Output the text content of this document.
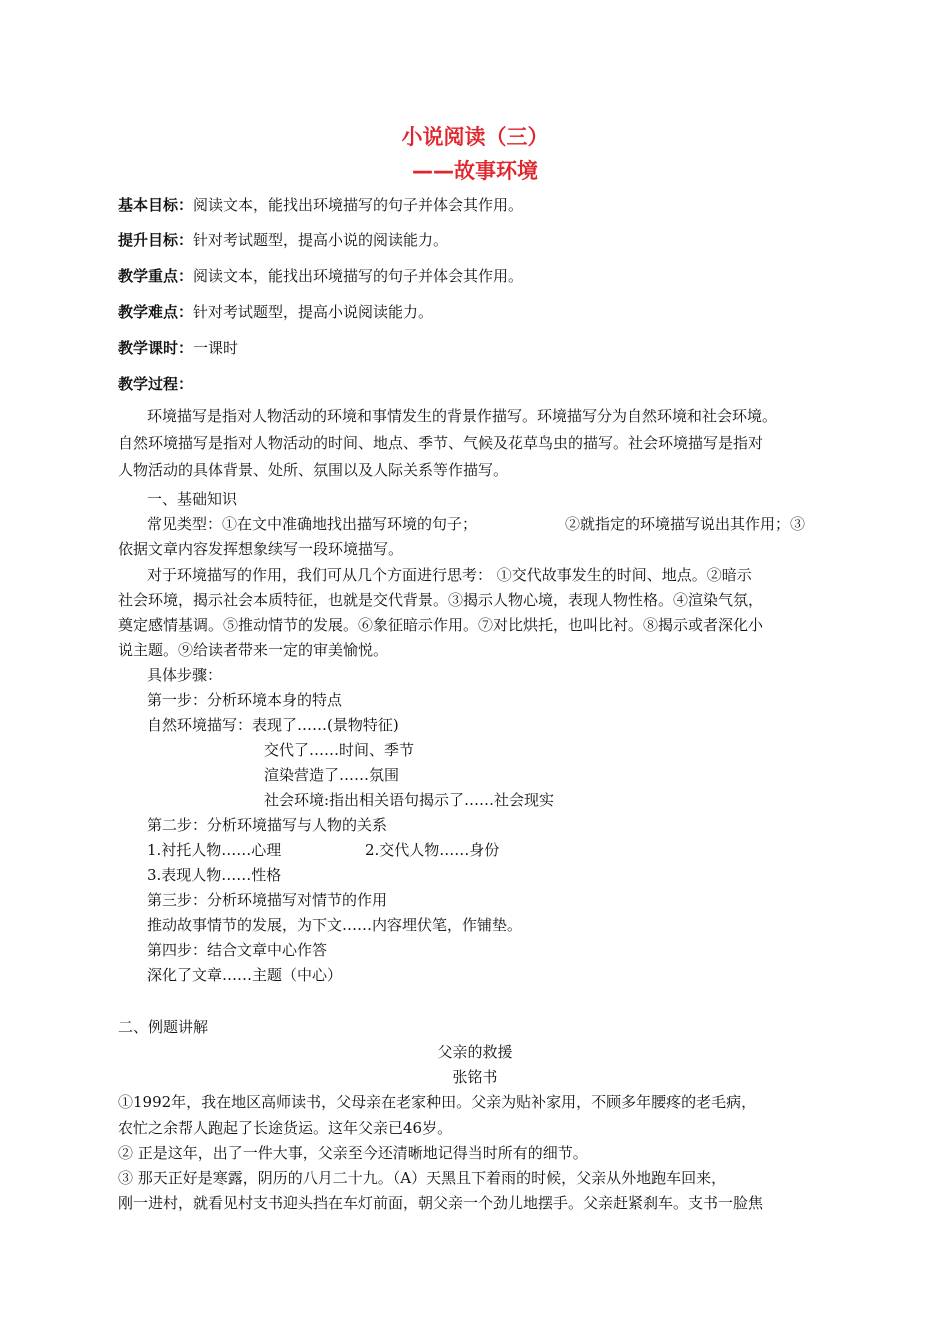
小说阅读（三）
——故事环境
基本目标：阅读文本，能找出环境描写的句子并体会其作用。
提升目标：针对考试题型，提高小说的阅读能力。
教学重点：阅读文本，能找出环境描写的句子并体会其作用。
教学难点：针对考试题型，提高小说阅读能力。
教学课时：一课时
教学过程：
环境描写是指对人物活动的环境和事情发生的背景作描写。环境描写分为自然环境和社会环境。
自然环境描写是指对人物活动的时间、地点、季节、气候及花草鸟虫的描写。社会环境描写是指对
人物活动的具体背景、处所、氛围以及人际关系等作描写。
一、基础知识
常见类型：①在文中准确地找出描写环境的句子；	②就指定的环境描写说出其作用；③
依据文章内容发挥想象续写一段环境描写。
对于环境描写的作用，我们可从几个方面进行思考： ①交代故事发生的时间、地点。②暗示
社会环境，揭示社会本质特征，也就是交代背景。③揭示人物心境，表现人物性格。④渲染气氛，
奠定感情基调。⑤推动情节的发展。⑥象征暗示作用。⑦对比烘托，也叫比衬。⑧揭示或者深化小
说主题。⑨给读者带来一定的审美愉悦。
具体步骤：
第一步：分析环境本身的特点
自然环境描写：表现了……(景物特征)
交代了……时间、季节
渲染营造了……氛围
社会环境:指出相关语句揭示了……社会现实
第二步：分析环境描写与人物的关系
1.衬托人物……心理	2.交代人物……身份
3.表现人物……性格
第三步：分析环境描写对情节的作用
推动故事情节的发展，为下文……内容埋伏笔，作铺垫。
第四步：结合文章中心作答
深化了文章……主题（中心）
二、例题讲解
父亲的救援
张铭书
①1992年，我在地区高师读书，父母亲在老家种田。父亲为贴补家用，不顾多年腰疼的老毛病，
农忙之余帮人跑起了长途货运。这年父亲已46岁。
② 正是这年，出了一件大事，父亲至今还清晰地记得当时所有的细节。
③ 那天正好是寒露，阴历的八月二十九。（A）天黑且下着雨的时候，父亲从外地跑车回来，
刚一进村，就看见村支书迎头挡在车灯前面，朝父亲一个劲儿地摆手。父亲赶紧刹车。支书一脸焦
